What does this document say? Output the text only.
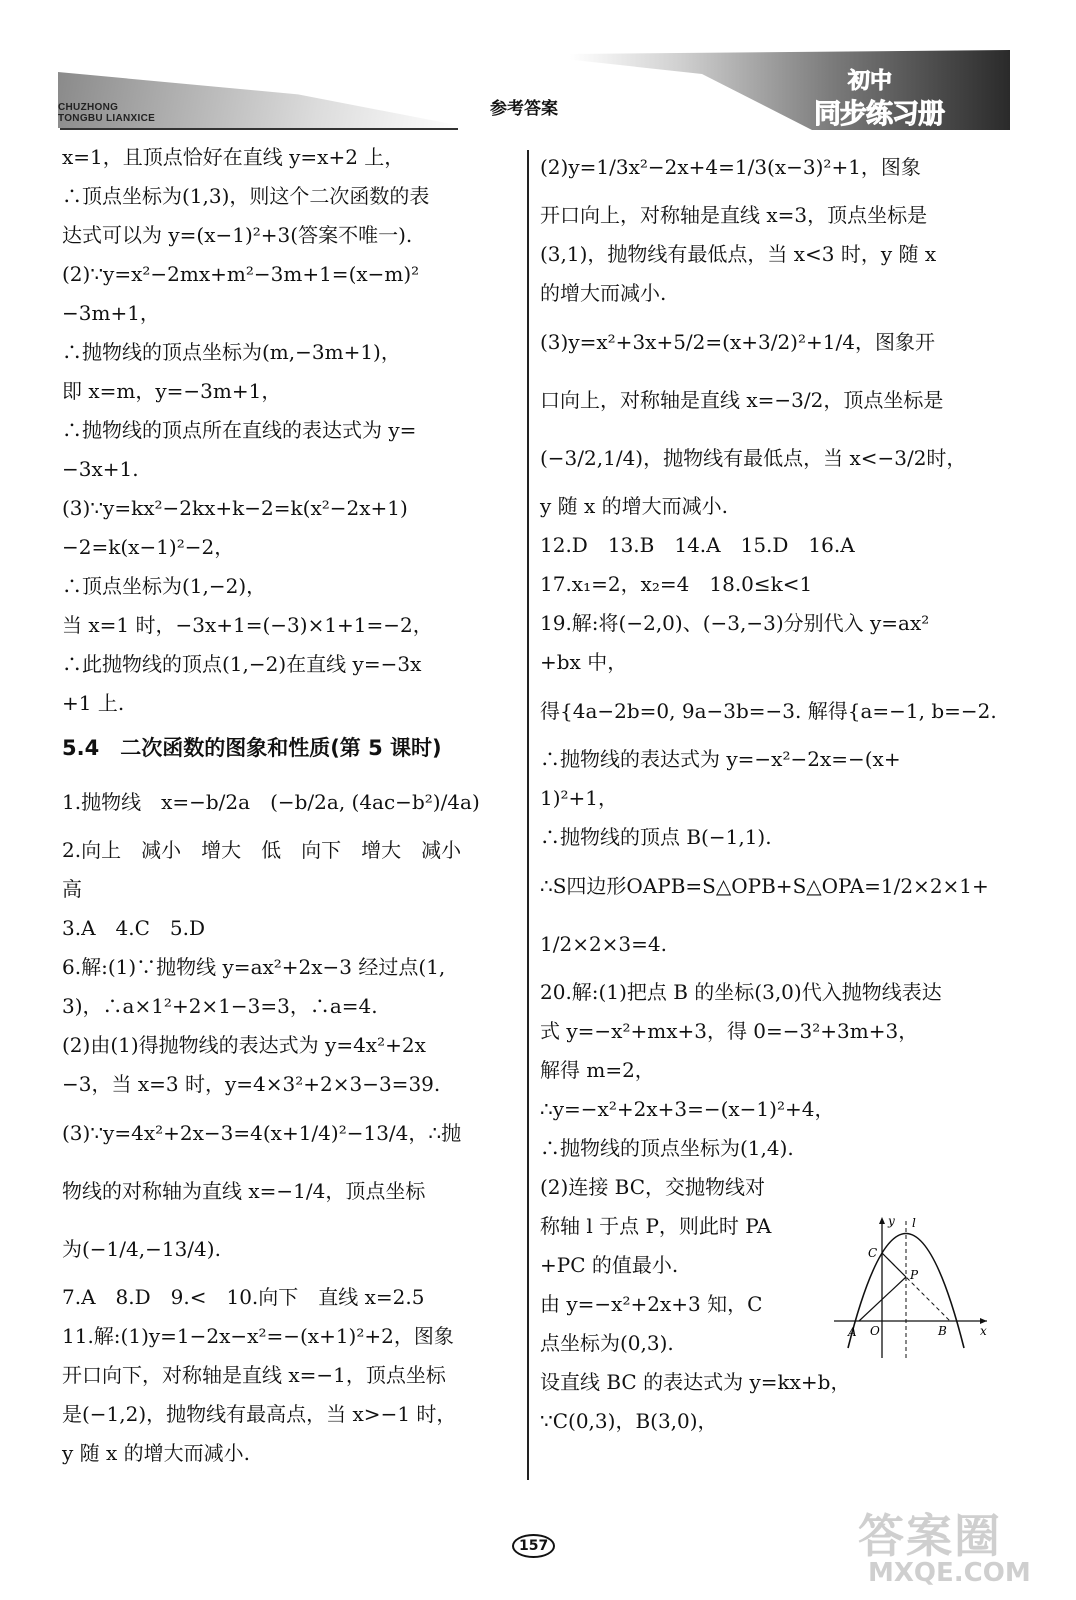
CHUZHONG
TONGBU LIANXICE	参考答案
初中
同步练习册
x=1，且顶点恰好在直线 y=x+2 上，
∴顶点坐标为(1,3)，则这个二次函数的表
达式可以为 y=(x−1)²+3(答案不唯一).
(2)∵y=x²−2mx+m²−3m+1=(x−m)²
−3m+1，
∴抛物线的顶点坐标为(m,−3m+1)，
即 x=m，y=−3m+1，
∴抛物线的顶点所在直线的表达式为 y=
−3x+1.
(3)∵y=kx²−2kx+k−2=k(x²−2x+1)
−2=k(x−1)²−2，
∴顶点坐标为(1,−2)，
当 x=1 时，−3x+1=(−3)×1+1=−2，
∴此抛物线的顶点(1,−2)在直线 y=−3x
+1 上.
5.4　二次函数的图象和性质(第 5 课时)
1.抛物线　x=−b/2a　(−b/2a, (4ac−b²)/4a)
2.向上　减小　增大　低　向下　增大　减小
高
3.A　4.C　5.D
6.解:(1)∵抛物线 y=ax²+2x−3 经过点(1,
3)，∴a×1²+2×1−3=3，∴a=4.
(2)由(1)得抛物线的表达式为 y=4x²+2x
−3，当 x=3 时，y=4×3²+2×3−3=39.
(3)∵y=4x²+2x−3=4(x+1/4)²−13/4，∴抛
物线的对称轴为直线 x=−1/4，顶点坐标
为(−1/4,−13/4).
7.A　8.D　9.<　10.向下　直线 x=2.5
11.解:(1)y=1−2x−x²=−(x+1)²+2，图象
开口向下，对称轴是直线 x=−1，顶点坐标
是(−1,2)，抛物线有最高点，当 x>−1 时，
y 随 x 的增大而减小.
(2)y=1/3x²−2x+4=1/3(x−3)²+1，图象
开口向上，对称轴是直线 x=3，顶点坐标是
(3,1)，抛物线有最低点，当 x<3 时，y 随 x
的增大而减小.
(3)y=x²+3x+5/2=(x+3/2)²+1/4，图象开
口向上，对称轴是直线 x=−3/2，顶点坐标是
(−3/2,1/4)，抛物线有最低点，当 x<−3/2时，
y 随 x 的增大而减小.
12.D　13.B　14.A　15.D　16.A
17.x₁=2，x₂=4　18.0≤k<1
19.解:将(−2,0)、(−3,−3)分别代入 y=ax²
+bx 中，
得{4a−2b=0, 9a−3b=−3. 解得{a=−1, b=−2.
∴抛物线的表达式为 y=−x²−2x=−(x+
1)²+1，
∴抛物线的顶点 B(−1,1).
∴S四边形OAPB=S△OPB+S△OPA=1/2×2×1+
1/2×2×3=4.
20.解:(1)把点 B 的坐标(3,0)代入抛物线表达
式 y=−x²+mx+3，得 0=−3²+3m+3，
解得 m=2，
∴y=−x²+2x+3=−(x−1)²+4，
∴抛物线的顶点坐标为(1,4).
(2)连接 BC，交抛物线对
称轴 l 于点 P，则此时 PA
+PC 的值最小.
由 y=−x²+2x+3 知，C
点坐标为(0,3).
设直线 BC 的表达式为 y=kx+b，
∵C(0,3)，B(3,0)，
y l
C
P
A O	B	x
157	答案圈
MXQE.COM
